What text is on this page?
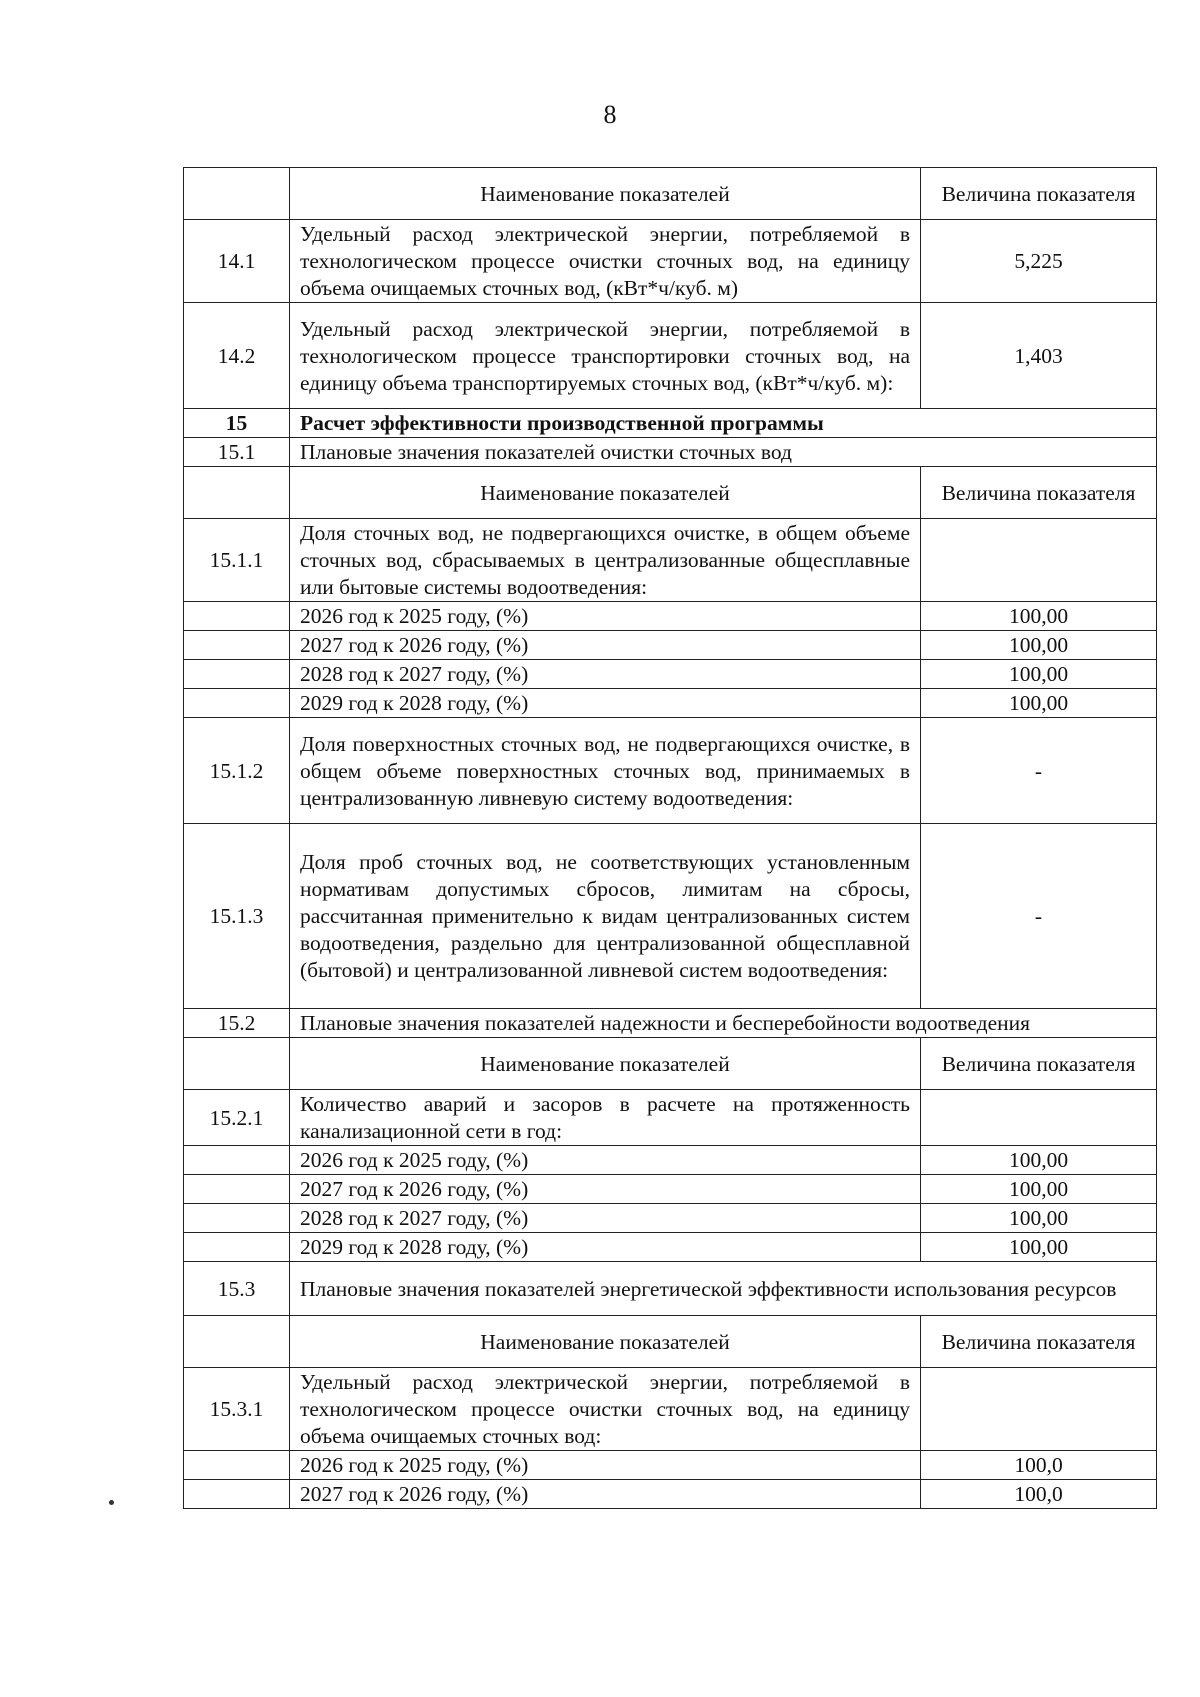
8
	Наименование показателей	Величина показателя
14.1	Удельный расход электрической энергии, потребляемой в технологическом процессе очистки сточных вод, на единицу объема очищаемых сточных вод, (кВт*ч/куб. м)	5,225
14.2	Удельный расход электрической энергии, потребляемой в технологическом процессе транспортировки сточных вод, на единицу объема транспортируемых сточных вод, (кВт*ч/куб. м):	1,403
15	Расчет эффективности производственной программы	
15.1	Плановые значения показателей очистки сточных вод	
	Наименование показателей	Величина показателя
15.1.1	Доля сточных вод, не подвергающихся очистке, в общем объеме сточных вод, сбрасываемых в централизованные общесплавные или бытовые системы водоотведения:	
	2026 год к 2025 году, (%)	100,00
	2027 год к 2026 году, (%)	100,00
	2028 год к 2027 году, (%)	100,00
	2029 год к 2028 году, (%)	100,00
15.1.2	Доля поверхностных сточных вод, не подвергающихся очистке, в общем объеме поверхностных сточных вод, принимаемых в централизованную ливневую систему водоотведения:	-
15.1.3	Доля проб сточных вод, не соответствующих установленным нормативам допустимых сбросов, лимитам на сбросы, рассчитанная применительно к видам централизованных систем водоотведения, раздельно для централизованной общесплавной (бытовой) и централизованной ливневой систем водоотведения:	-
15.2	Плановые значения показателей надежности и бесперебойности водоотведения	
	Наименование показателей	Величина показателя
15.2.1	Количество аварий и засоров в расчете на протяженность канализационной сети в год:	
	2026 год к 2025 году, (%)	100,00
	2027 год к 2026 году, (%)	100,00
	2028 год к 2027 году, (%)	100,00
	2029 год к 2028 году, (%)	100,00
15.3	Плановые значения показателей энергетической эффективности использования ресурсов	
	Наименование показателей	Величина показателя
15.3.1	Удельный расход электрической энергии, потребляемой в технологическом процессе очистки сточных вод, на единицу объема очищаемых сточных вод:	
	2026 год к 2025 году, (%)	100,0
	2027 год к 2026 году, (%)	100,0
